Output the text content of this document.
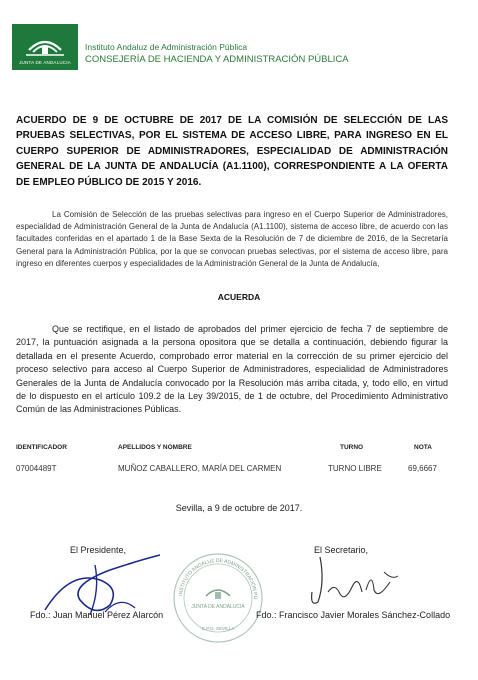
JUNTA DE ANDALUCIA
Instituto Andaluz de Administración Pública
CONSEJERÍA DE HACIENDA Y ADMINISTRACIÓN PÚBLICA
ACUERDO DE 9 DE OCTUBRE DE 2017 DE LA COMISIÓN DE SELECCIÓN DE LAS PRUEBAS SELECTIVAS, POR EL SISTEMA DE ACCESO LIBRE, PARA INGRESO EN EL CUERPO SUPERIOR DE ADMINISTRADORES, ESPECIALIDAD DE ADMINISTRACIÓN GENERAL DE LA JUNTA DE ANDALUCÍA (A1.1100), CORRESPONDIENTE A LA OFERTA DE EMPLEO PÚBLICO DE 2015 Y 2016.
La Comisión de Selección de las pruebas selectivas para ingreso en el Cuerpo Superior de Administradores, especialidad de Administración General de la Junta de Andalucía (A1.1100), sistema de acceso libre, de acuerdo con las facultades conferidas en el apartado 1 de la Base Sexta de la Resolución de 7 de diciembre de 2016, de la Secretaría General para la Administración Pública, por la que se convocan pruebas selectivas, por el sistema de acceso libre, para ingreso en diferentes cuerpos y especialidades de la Administración General de la Junta de Andalucía,
ACUERDA
Que se rectifique, en el listado de aprobados del primer ejercicio de fecha 7 de septiembre de 2017, la puntuación asignada a la persona opositora que se detalla a continuación, debiendo figurar la detallada en el presente Acuerdo, comprobado error material en la corrección de su primer ejercicio del proceso selectivo para acceso al Cuerpo Superior de Administradores, especialidad de Administradores Generales de la Junta de Andalucía convocado por la Resolución más arriba citada, y, todo ello, en virtud de lo dispuesto en el artículo 109.2 de la Ley 39/2015, de 1 de octubre, del Procedimiento Administrativo Común de las Administraciones Públicas.
IDENTIFICADOR	APELLIDOS Y NOMBRE	TURNO	NOTA
07004489T	MUÑOZ CABALLERO, MARÍA DEL CARMEN	TURNO LIBRE	69,6667
Sevilla, a 9 de octubre de 2017.
El Presidente,	El Secretario,
JUNTA DE ANDALUCIA
C.P.O. SEVILLA
INSTITUTO ANDALUZ DE ADMINISTRACIÓN PÚ
Fdo.: Juan Manuel Pérez Alarcón	Fdo.: Francisco Javier Morales Sánchez-Collado
